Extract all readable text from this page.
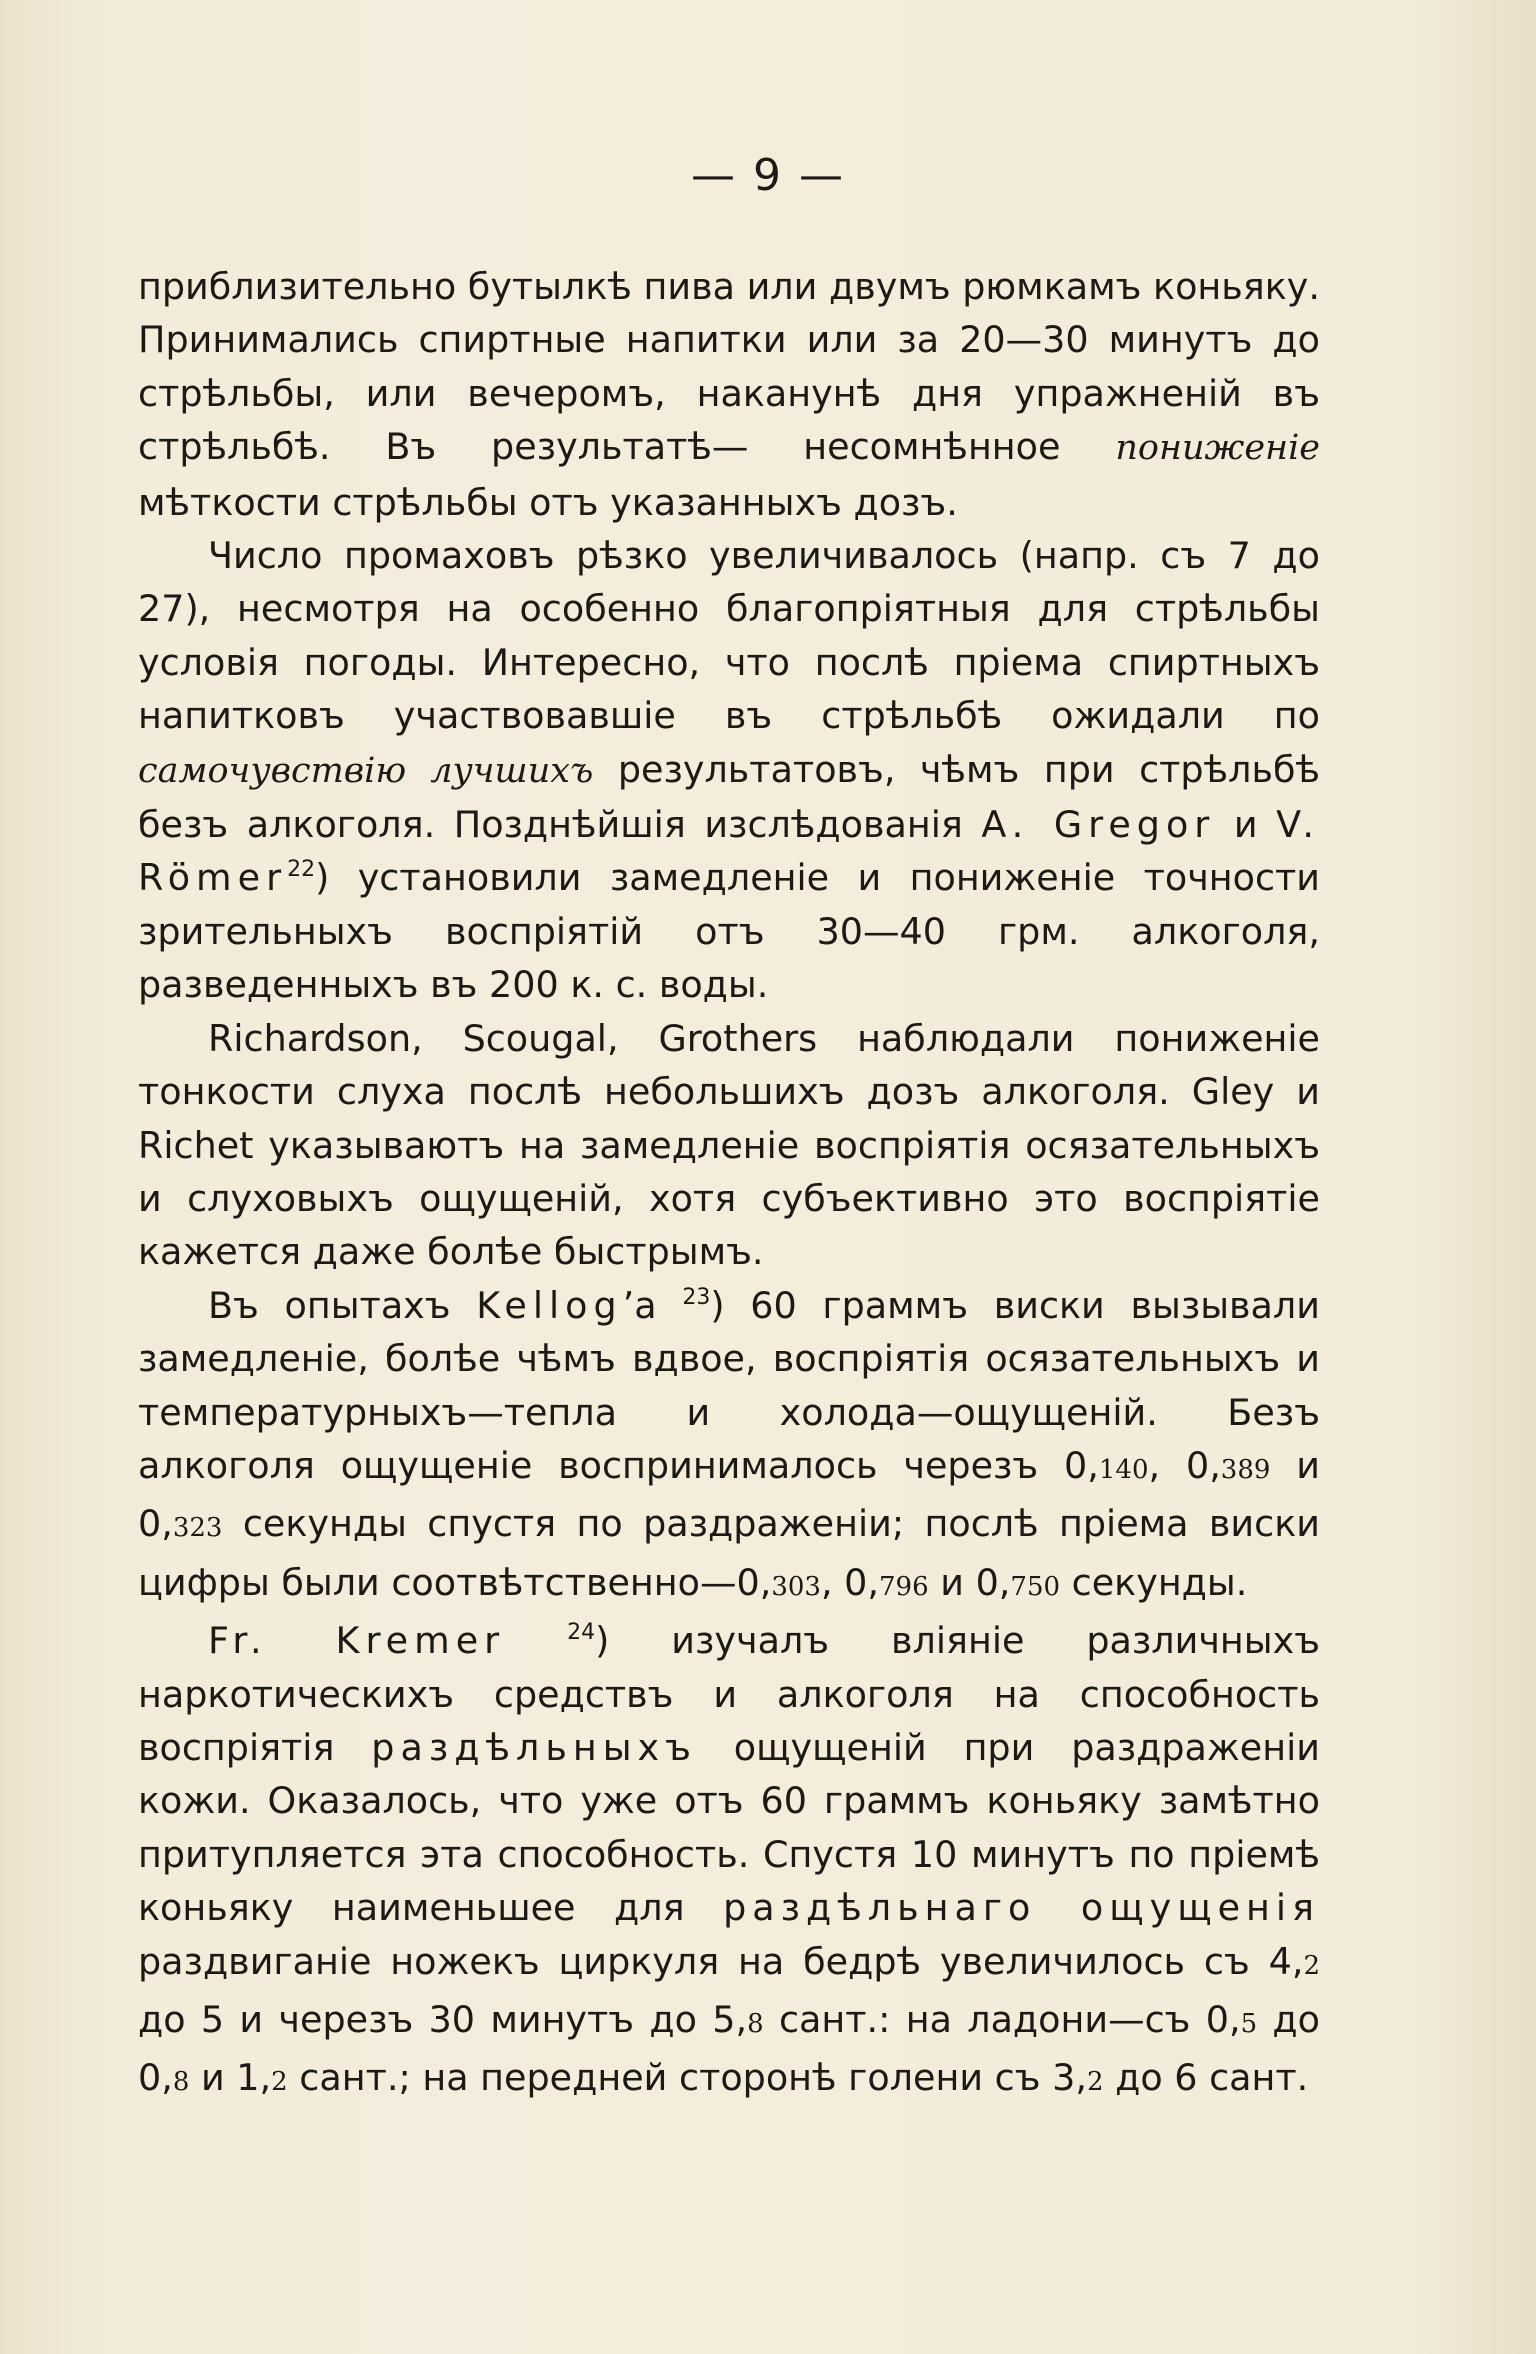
— 9 —

приблизительно бутылкѣ пива или двумъ рюмкамъ коньяку. Принимались спиртные напитки или за 20—30 минутъ до стрѣльбы, или вечеромъ, наканунѣ дня упражненій въ стрѣльбѣ. Въ результатѣ— несомнѣнное пониженіе мѣткости стрѣльбы отъ указанныхъ дозъ.

Число промаховъ рѣзко увеличивалось (напр. съ 7 до 27), несмотря на особенно благопріятныя для стрѣльбы условія погоды. Интересно, что послѣ пріема спиртныхъ напитковъ участвовавшіе въ стрѣльбѣ ожидали по самочувствію лучшихъ результатовъ, чѣмъ при стрѣльбѣ безъ алкоголя. Позднѣйшія изслѣдованія A. Gregor и V. Römer$^{22}$) установили замедленіе и пониженіе точности зрительныхъ воспріятій отъ 30—40 грм. алкоголя, разведенныхъ въ 200 к. с. воды.

Richardson, Scougal, Grothers наблюдали пониженіе тонкости слуха послѣ небольшихъ дозъ алкоголя. Gley и Richet указываютъ на замедленіе воспріятія осязательныхъ и слуховыхъ ощущеній, хотя субъективно это воспріятіе кажется даже болѣе быстрымъ.

Въ опытахъ Kellog’а $^{23}$) 60 граммъ виски вызывали замедленіе, болѣе чѣмъ вдвое, воспріятія осязательныхъ и температурныхъ—тепла и холода—ощущеній. Безъ алкоголя ощущеніе воспринималось черезъ 0,140, 0,389 и 0,323 секунды спустя по раздраженіи; послѣ пріема виски цифры были соотвѣтственно—0,303, 0,796 и 0,750 секунды.

Fr. Kremer	$^{24}$) изучалъ вліяніе различныхъ наркотическихъ средствъ и алкоголя на способность воспріятія раздѣльныхъ ощущеній при раздраженіи кожи. Оказалось, что уже отъ 60 граммъ коньяку замѣтно притупляется эта способность. Спустя 10 минутъ по пріемѣ коньяку наименьшее для раздѣльнаго ощущенія раздвиганіе ножекъ циркуля на бедрѣ увеличилось съ 4,2 до 5 и черезъ 30 минутъ до 5,8 сант.: на ладони—съ 0,5 до 0,8 и 1,2 сант.; на передней сторонѣ голени съ 3,2 до 6 сант.
